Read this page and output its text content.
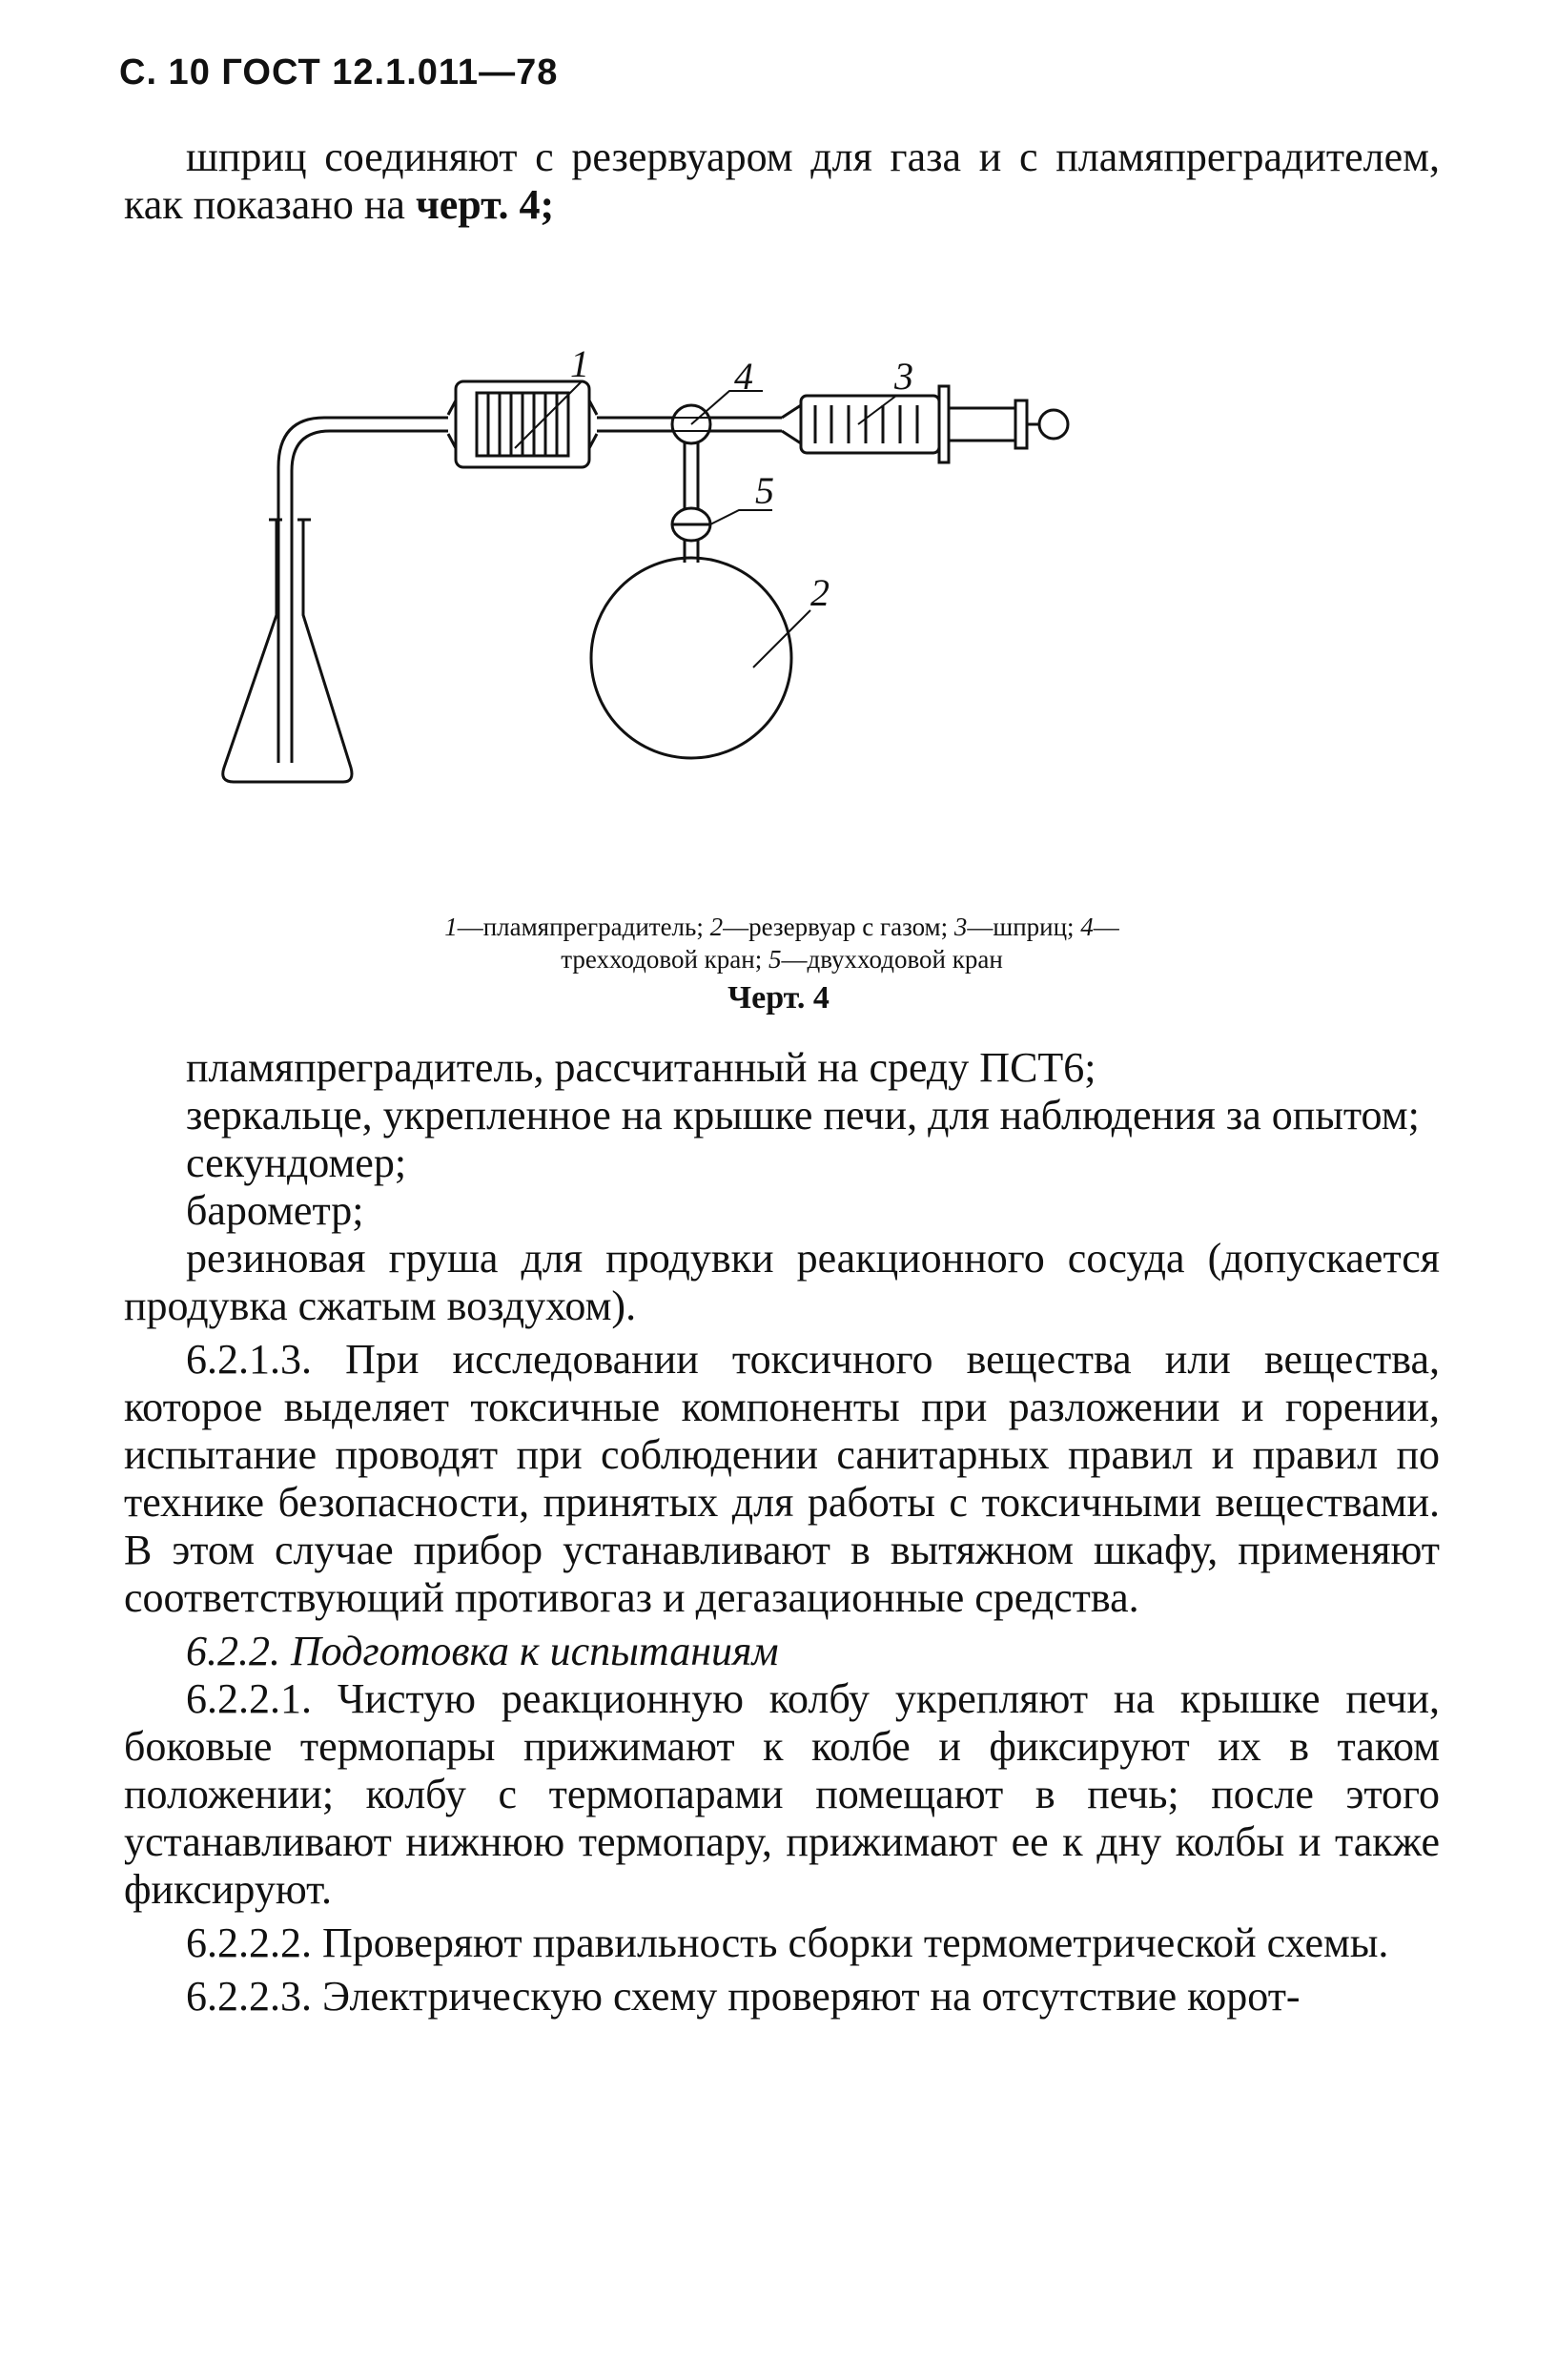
С. 10 ГОСТ 12.1.011—78

шприц соединяют с резервуаром для газа и с пламяпреградителем, как показано на черт. 4;

1	4	3
5
2
1—пламяпреградитель; 2—резервуар с газом; 3—шприц; 4—трехходовой кран; 5—двухходовой кран
Черт. 4

пламяпреградитель, рассчитанный на среду ПСТ6;

зеркальце, укрепленное на крышке печи, для наблюдения за опытом;

секундомер;

барометр;

резиновая груша для продувки реакционного сосуда (допускается продувка сжатым воздухом).

6.2.1.3. При исследовании токсичного вещества или вещества, которое выделяет токсичные компоненты при разложении и горении, испытание проводят при соблюдении санитарных правил и правил по технике безопасности, принятых для работы с токсичными веществами. В этом случае прибор устанавливают в вытяжном шкафу, применяют соответствующий противогаз и дегазационные средства.

6.2.2. Подготовка к испытаниям

6.2.2.1. Чистую реакционную колбу укрепляют на крышке печи, боковые термопары прижимают к колбе и фиксируют их в таком положении; колбу с термопарами помещают в печь; после этого устанавливают нижнюю термопару, прижимают ее к дну колбы и также фиксируют.

6.2.2.2. Проверяют правильность сборки термометрической схемы.

6.2.2.3. Электрическую схему проверяют на отсутствие корот-
